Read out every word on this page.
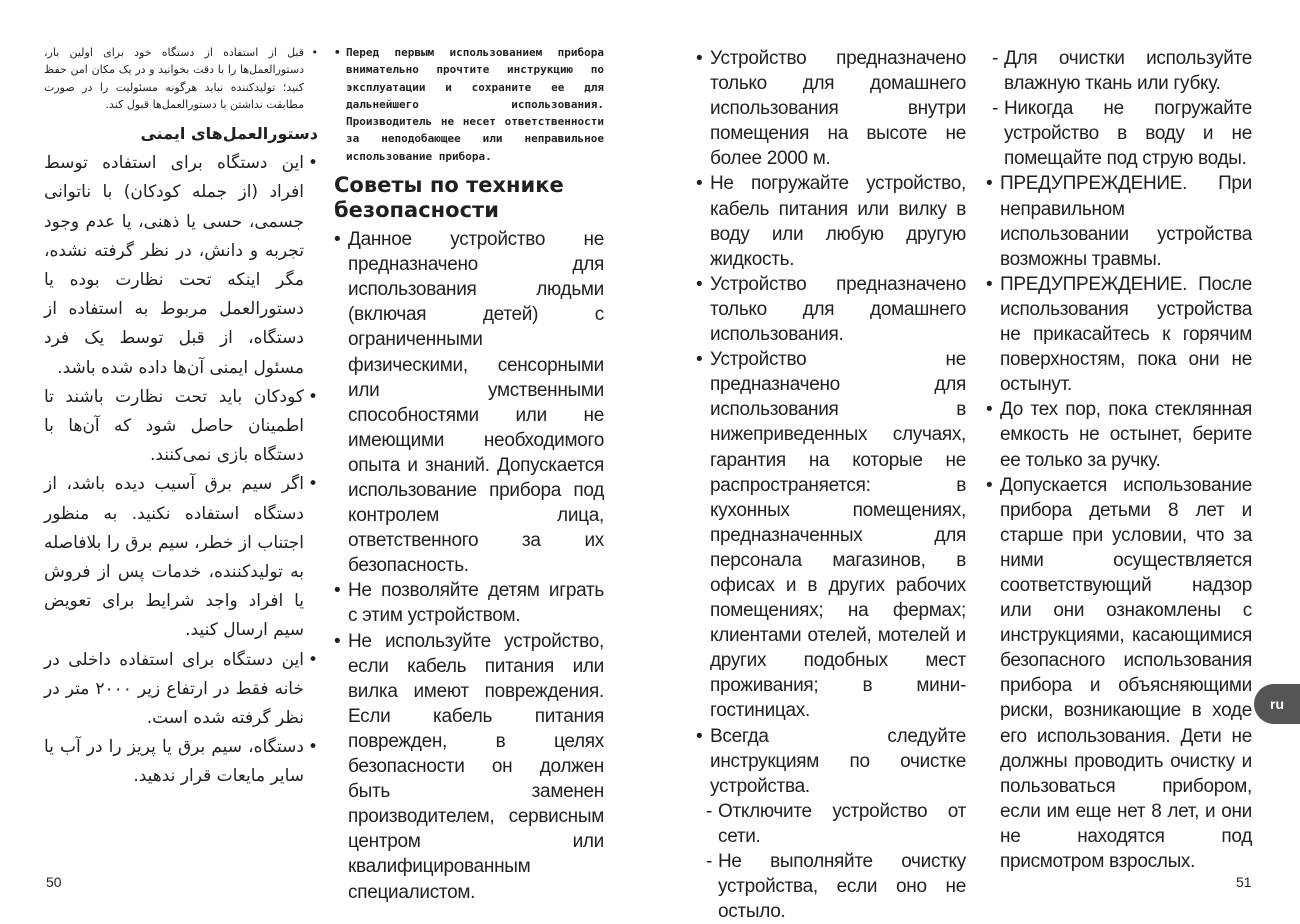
• قبل از استفاده از دستگاه خود برای اولین بار، دستورالعمل‌ها را با دقت بخوانید و در یک مکان امن حفظ کنید؛ تولیدکننده نباید هرگونه مسئولیت را در صورت مطابقت نداشتن با دستورالعمل‌ها قبول کند.
دستورالعمل‌های ایمنی
• این دستگاه برای استفاده توسط افراد (از جمله کودکان) با ناتوانی جسمی، حسی یا ذهنی، یا عدم وجود تجربه و دانش، در نظر گرفته نشده، مگر اینکه تحت نظارت بوده یا دستورالعمل مربوط به استفاده از دستگاه، از قبل توسط یک فرد مسئول ایمنی آن‌ها داده شده باشد.
• کودکان باید تحت نظارت باشند تا اطمینان حاصل شود که آن‌ها با دستگاه بازی نمی‌کنند.
• اگر سیم برق آسیب دیده باشد، از دستگاه استفاده نکنید. به منظور اجتناب از خطر، سیم برق را بلافاصله به تولیدکننده، خدمات پس از فروش یا افراد واجد شرایط برای تعویض سیم ارسال کنید.
• این دستگاه برای استفاده داخلی در خانه فقط در ارتفاع زیر ۲۰۰۰ متر در نظر گرفته شده است.
• دستگاه، سیم برق یا پریز را در آب یا سایر مایعات قرار ندهید.
• Перед первым использованием прибора внимательно прочтите инструкцию по эксплуатации и сохраните ее для дальнейшего использования. Производитель не несет ответственности за неподобающее или неправильное использование прибора.
Советы по технике безопасности
• Данное устройство не предназначено для использования людьми (включая детей) с ограниченными физическими, сенсорными или умственными способностями или не имеющими необходимого опыта и знаний. Допускается использование прибора под контролем лица, ответственного за их безопасность.
• Не позволяйте детям играть с этим устройством.
• Не используйте устройство, если кабель питания или вилка имеют повреждения. Если кабель питания поврежден, в целях безопасности он должен быть заменен производителем, сервисным центром или квалифицированным специалистом.
50
• Устройство предназначено только для домашнего использования внутри помещения на высоте не более 2000 м.
• Не погружайте устройство, кабель питания или вилку в воду или любую другую жидкость.
• Устройство предназначено только для домашнего использования.
• Устройство не предназначено для использования в нижеприведенных случаях, гарантия на которые не распространяется: в кухонных помещениях, предназначенных для персонала магазинов, в офисах и в других рабочих помещениях; на фермах; клиентами отелей, мотелей и других подобных мест проживания; в мини-гостиницах.
• Всегда следуйте инструкциям по очистке устройства.
- Отключите устройство от сети.
- Не выполняйте очистку устройства, если оно не остыло.
- Для очистки используйте влажную ткань или губку.
- Никогда не погружайте устройство в воду и не помещайте под струю воды.
• ПРЕДУПРЕЖДЕНИЕ. При неправильном использовании устройства возможны травмы.
• ПРЕДУПРЕЖДЕНИЕ. После использования устройства не прикасайтесь к горячим поверхностям, пока они не остынут.
• До тех пор, пока стеклянная емкость не остынет, берите ее только за ручку.
• Допускается использование прибора детьми 8 лет и старше при условии, что за ними осуществляется соответствующий надзор или они ознакомлены с инструкциями, касающимися безопасного использования прибора и объясняющими риски, возникающие в ходе его использования. Дети не должны проводить очистку и пользоваться прибором, если им еще нет 8 лет, и они не находятся под присмотром взрослых.
51
ru
